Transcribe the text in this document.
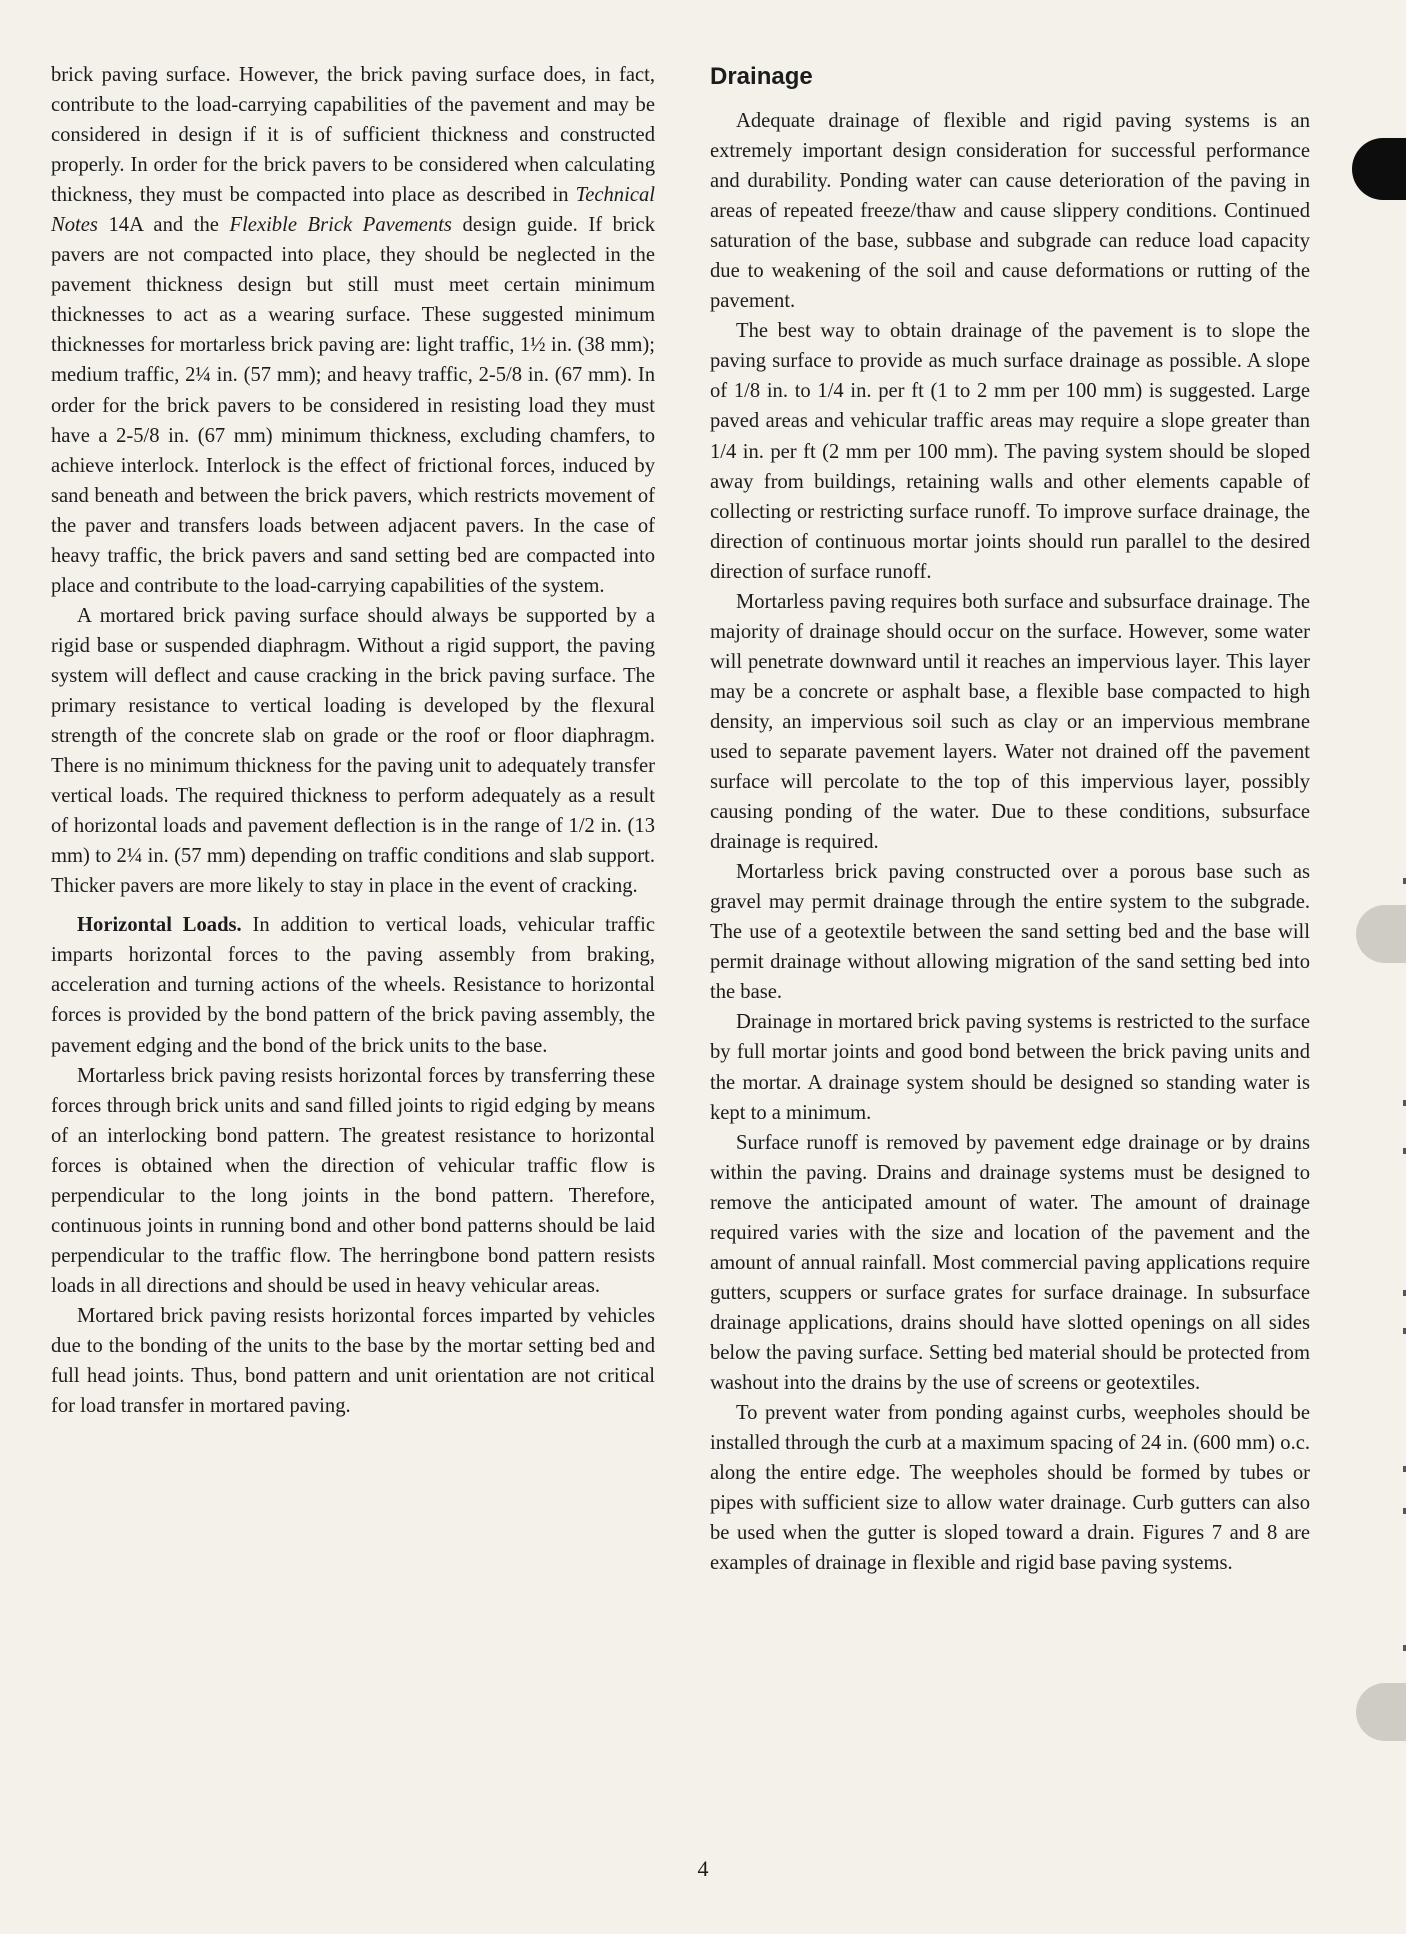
brick paving surface. However, the brick paving surface does, in fact, contribute to the load-carrying capabilities of the pavement and may be considered in design if it is of sufficient thickness and constructed properly. In order for the brick pavers to be considered when calculating thickness, they must be compacted into place as described in Technical Notes 14A and the Flexible Brick Pavements design guide. If brick pavers are not compacted into place, they should be neglected in the pavement thickness design but still must meet certain minimum thicknesses to act as a wearing surface. These suggested minimum thicknesses for mortarless brick paving are: light traffic, 1½ in. (38 mm); medium traffic, 2¼ in. (57 mm); and heavy traffic, 2-5/8 in. (67 mm). In order for the brick pavers to be considered in resisting load they must have a 2-5/8 in. (67 mm) minimum thickness, excluding chamfers, to achieve interlock. Interlock is the effect of frictional forces, induced by sand beneath and between the brick pavers, which restricts movement of the paver and transfers loads between adjacent pavers. In the case of heavy traffic, the brick pavers and sand setting bed are compacted into place and contribute to the load-carrying capabilities of the system.

A mortared brick paving surface should always be supported by a rigid base or suspended diaphragm. Without a rigid support, the paving system will deflect and cause cracking in the brick paving surface. The primary resistance to vertical loading is developed by the flexural strength of the concrete slab on grade or the roof or floor diaphragm. There is no minimum thickness for the paving unit to adequately transfer vertical loads. The required thickness to perform adequately as a result of horizontal loads and pavement deflection is in the range of 1/2 in. (13 mm) to 2¼ in. (57 mm) depending on traffic conditions and slab support. Thicker pavers are more likely to stay in place in the event of cracking.

Horizontal Loads. In addition to vertical loads, vehicular traffic imparts horizontal forces to the paving assembly from braking, acceleration and turning actions of the wheels. Resistance to horizontal forces is provided by the bond pattern of the brick paving assembly, the pavement edging and the bond of the brick units to the base.

Mortarless brick paving resists horizontal forces by transferring these forces through brick units and sand filled joints to rigid edging by means of an interlocking bond pattern. The greatest resistance to horizontal forces is obtained when the direction of vehicular traffic flow is perpendicular to the long joints in the bond pattern. Therefore, continuous joints in running bond and other bond patterns should be laid perpendicular to the traffic flow. The herringbone bond pattern resists loads in all directions and should be used in heavy vehicular areas.

Mortared brick paving resists horizontal forces imparted by vehicles due to the bonding of the units to the base by the mortar setting bed and full head joints. Thus, bond pattern and unit orientation are not critical for load transfer in mortared paving.

Drainage

Adequate drainage of flexible and rigid paving systems is an extremely important design consideration for successful performance and durability. Ponding water can cause deterioration of the paving in areas of repeated freeze/thaw and cause slippery conditions. Continued saturation of the base, subbase and subgrade can reduce load capacity due to weakening of the soil and cause deformations or rutting of the pavement.

The best way to obtain drainage of the pavement is to slope the paving surface to provide as much surface drainage as possible. A slope of 1/8 in. to 1/4 in. per ft (1 to 2 mm per 100 mm) is suggested. Large paved areas and vehicular traffic areas may require a slope greater than 1/4 in. per ft (2 mm per 100 mm). The paving system should be sloped away from buildings, retaining walls and other elements capable of collecting or restricting surface runoff. To improve surface drainage, the direction of continuous mortar joints should run parallel to the desired direction of surface runoff.

Mortarless paving requires both surface and subsurface drainage. The majority of drainage should occur on the surface. However, some water will penetrate downward until it reaches an impervious layer. This layer may be a concrete or asphalt base, a flexible base compacted to high density, an impervious soil such as clay or an impervious membrane used to separate pavement layers. Water not drained off the pavement surface will percolate to the top of this impervious layer, possibly causing ponding of the water. Due to these conditions, subsurface drainage is required.

Mortarless brick paving constructed over a porous base such as gravel may permit drainage through the entire system to the subgrade. The use of a geotextile between the sand setting bed and the base will permit drainage without allowing migration of the sand setting bed into the base.

Drainage in mortared brick paving systems is restricted to the surface by full mortar joints and good bond between the brick paving units and the mortar. A drainage system should be designed so standing water is kept to a minimum.

Surface runoff is removed by pavement edge drainage or by drains within the paving. Drains and drainage systems must be designed to remove the anticipated amount of water. The amount of drainage required varies with the size and location of the pavement and the amount of annual rainfall. Most commercial paving applications require gutters, scuppers or surface grates for surface drainage. In subsurface drainage applications, drains should have slotted openings on all sides below the paving surface. Setting bed material should be protected from washout into the drains by the use of screens or geotextiles.

To prevent water from ponding against curbs, weepholes should be installed through the curb at a maximum spacing of 24 in. (600 mm) o.c. along the entire edge. The weepholes should be formed by tubes or pipes with sufficient size to allow water drainage. Curb gutters can also be used when the gutter is sloped toward a drain. Figures 7 and 8 are examples of drainage in flexible and rigid base paving systems.

4
